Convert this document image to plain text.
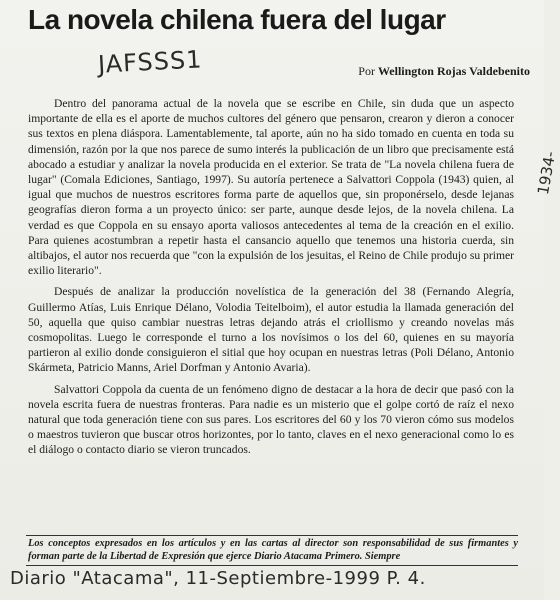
La novela chilena fuera del lugar
JAFSSS1	Por Wellington Rojas Valdebenito
1934-

Dentro del panorama actual de la novela que se escribe en Chile, sin duda que un aspecto importante de ella es el aporte de muchos cultores del género que pensaron, crearon y dieron a conocer sus textos en plena diáspora. Lamentablemente, tal aporte, aún no ha sido tomado en cuenta en toda su dimensión, razón por la que nos parece de sumo interés la publicación de un libro que precisamente está abocado a estudiar y analizar la novela producida en el exterior. Se trata de "La novela chilena fuera de lugar" (Comala Ediciones, Santiago, 1997). Su autoría pertenece a Salvattori Coppola (1943) quien, al igual que muchos de nuestros escritores forma parte de aquellos que, sin proponérselo, desde lejanas geografías dieron forma a un proyecto único: ser parte, aunque desde lejos, de la novela chilena. La verdad es que Coppola en su ensayo aporta valiosos antecedentes al tema de la creación en el exilio. Para quienes acostumbran a repetir hasta el cansancio aquello que tenemos una historia cuerda, sin altibajos, el autor nos recuerda que "con la expulsión de los jesuitas, el Reino de Chile produjo su primer exilio literario".

Después de analizar la producción novelística de la generación del 38 (Fernando Alegría, Guillermo Atías, Luis Enrique Délano, Volodia Teitelboim), el autor estudia la llamada generación del 50, aquella que quiso cambiar nuestras letras dejando atrás el criollismo y creando novelas más cosmopolitas. Luego le corresponde el turno a los novísimos o los del 60, quienes en su mayoría partieron al exilio donde consiguieron el sitial que hoy ocupan en nuestras letras (Poli Délano, Antonio Skármeta, Patricio Manns, Ariel Dorfman y Antonio Avaria).

Salvattori Coppola da cuenta de un fenómeno digno de destacar a la hora de decir que pasó con la novela escrita fuera de nuestras fronteras. Para nadie es un misterio que el golpe cortó de raíz el nexo natural que toda generación tiene con sus pares. Los escritores del 60 y los 70 vieron cómo sus modelos o maestros tuvieron que buscar otros horizontes, por lo tanto, claves en el nexo generacional como lo es el diálogo o contacto diario se vieron truncados.

Los conceptos expresados en los artículos y en las cartas al director son responsabilidad de sus firmantes y forman parte de la Libertad de Expresión que ejerce Diario Atacama Primero. Siempre
Diario "Atacama", 11-Septiembre-1999 P. 4.
